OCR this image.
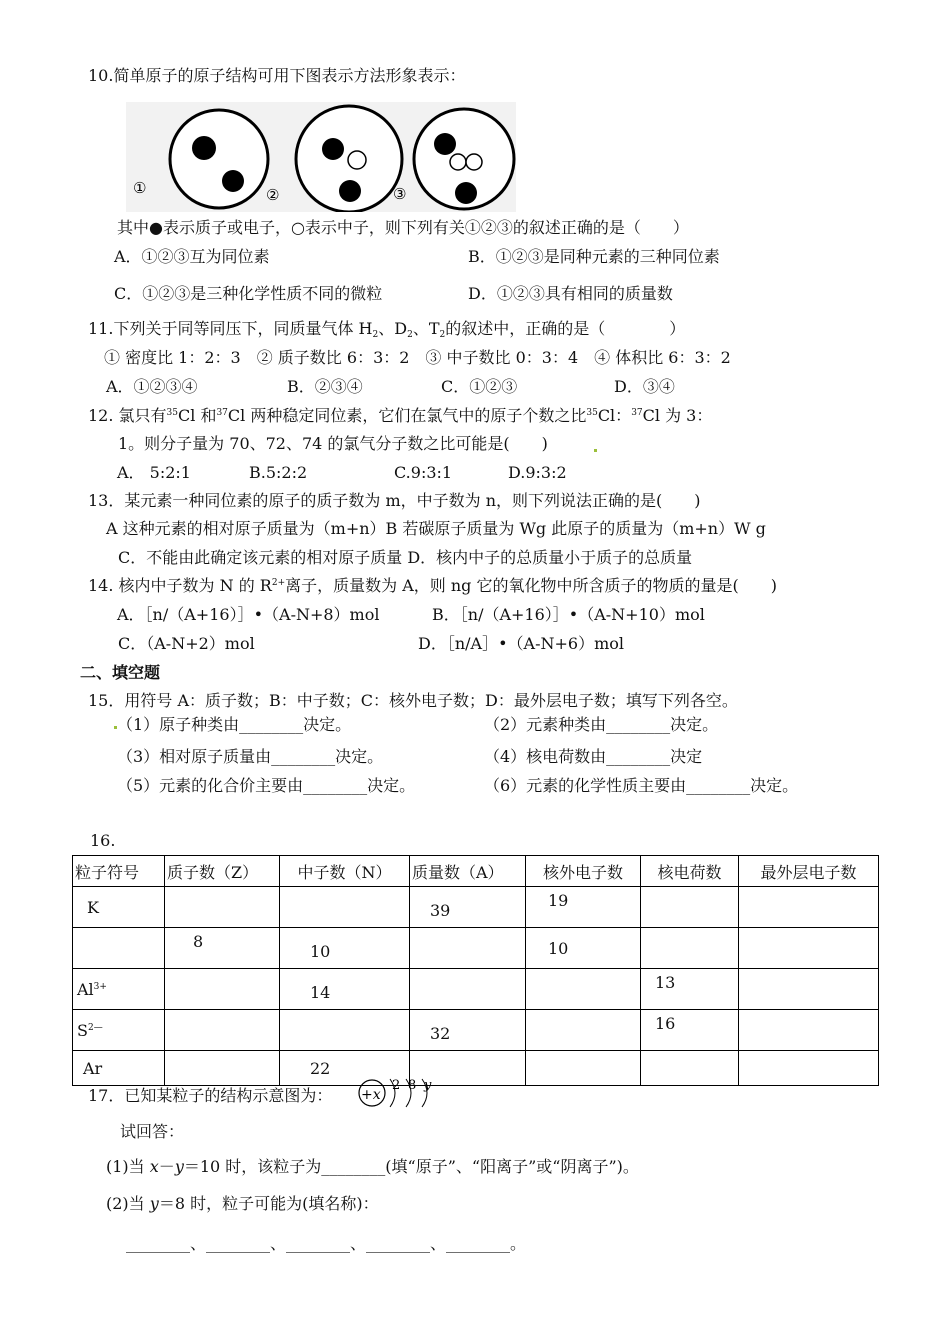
10.简单原子的原子结构可用下图表示方法形象表示：
①	②	③
其中●表示质子或电子，○表示中子，则下列有关①②③的叙述正确的是（　　）
A．①②③互为同位素	B．①②③是同种元素的三种同位素
C．①②③是三种化学性质不同的微粒	D．①②③具有相同的质量数
11.下列关于同等同压下，同质量气体 $H_2$、$D_2$、$T_2$的叙述中，正确的是（　　　　）
① 密度比 1：2：3　② 质子数比 6：3：2　③ 中子数比 0：3：4　④ 体积比 6：3：2
A．①②③④	B．②③④	C．①②③	D．③④
12. 氯只有$^{35}$Cl 和$^{37}$Cl 两种稳定同位素，它们在氯气中的原子个数之比$^{35}$Cl：$^{37}$Cl 为 3：
1。则分子量为 70、72、74 的氯气分子数之比可能是(　　)
A． 5:2:1	B.5:2:2	C.9:3:1	D.9:3:2
13．某元素一种同位素的原子的质子数为 m，中子数为 n，则下列说法正确的是(　　)
A 这种元素的相对原子质量为（m+n）B 若碳原子质量为 Wg 此原子的质量为（m+n）W g
C．不能由此确定该元素的相对原子质量 D．核内中子的总质量小于质子的总质量
14. 核内中子数为 N 的 $R^{2+}$离子，质量数为 A，则 ng 它的氧化物中所含质子的物质的量是(　　)
A．［n/（A+16）］•（A-N+8）mol	B．［n/（A+16）］•（A-N+10）mol
C．（A-N+2）mol	D．［n/A］•（A-N+6）mol
二、填空题
15．用符号 A：质子数；B：中子数；C：核外电子数；D：最外层电子数；填写下列各空。
（1）原子种类由________决定。	（2）元素种类由________决定。
（3）相对原子质量由________决定。	（4）核电荷数由________决定
（5）元素的化合价主要由________决定。	（6）元素的化学性质主要由________决定。
16.
粒子符号	质子数（Z）	中子数（N）	质量数（A）	核外电子数	核电荷数	最外层电子数
K			39	19		
	8	10		10		
$Al^{3+}$		14			13	
$S^{2—}$			32		16	
Ar		22				
17．已知某粒子的结构示意图为： +x
2 8 y
试回答：
(1)当 x－y＝10 时，该粒子为________(填“原子”、“阳离子”或“阴离子”)。
(2)当 y＝8 时，粒子可能为(填名称)：
________、________、________、________、________。
